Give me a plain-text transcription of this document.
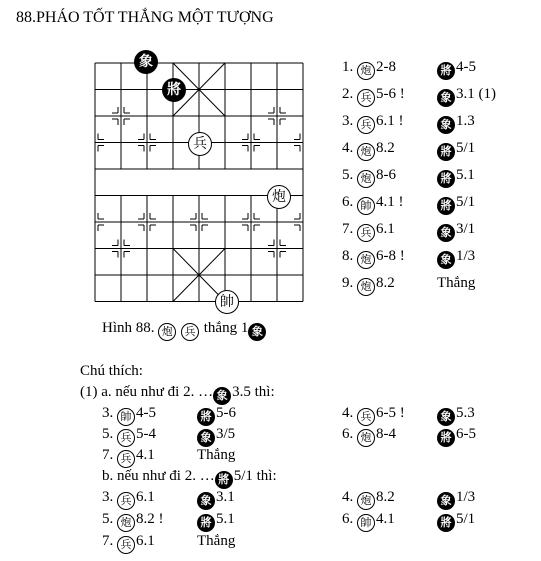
88.PHÁO TỐT THẮNG MỘT TƯỢNG
象
將
兵
炮
帥
Hình 88. 炮 兵 thắng 1 象
1. 炮 2-8	將 4-5
2. 兵 5-6 !	象 3.1 (1)
3. 兵 6.1 !	象 1.3
4. 炮 8.2	將 5/1
5. 炮 8-6	將 5.1
6. 帥 4.1 !	將 5/1
7. 兵 6.1	象 3/1
8. 炮 6-8 !	象 1/3
9. 炮 8.2	Thắng
Chú thích:
(1) a. nếu như đi 2. … 象 3.5 thì:
b. nếu như đi 2. … 將 5/1 thì:
3. 帥 4-5	將 5-6	4. 兵 6-5 !	象 5.3
5. 兵 5-4	象 3/5	6. 炮 8-4	將 6-5
7. 兵 4.1	Thắng
3. 兵 6.1	象 3.1	4. 炮 8.2	象 1/3
5. 炮 8.2 !	將 5.1	6. 帥 4.1	將 5/1
7. 兵 6.1	Thắng
